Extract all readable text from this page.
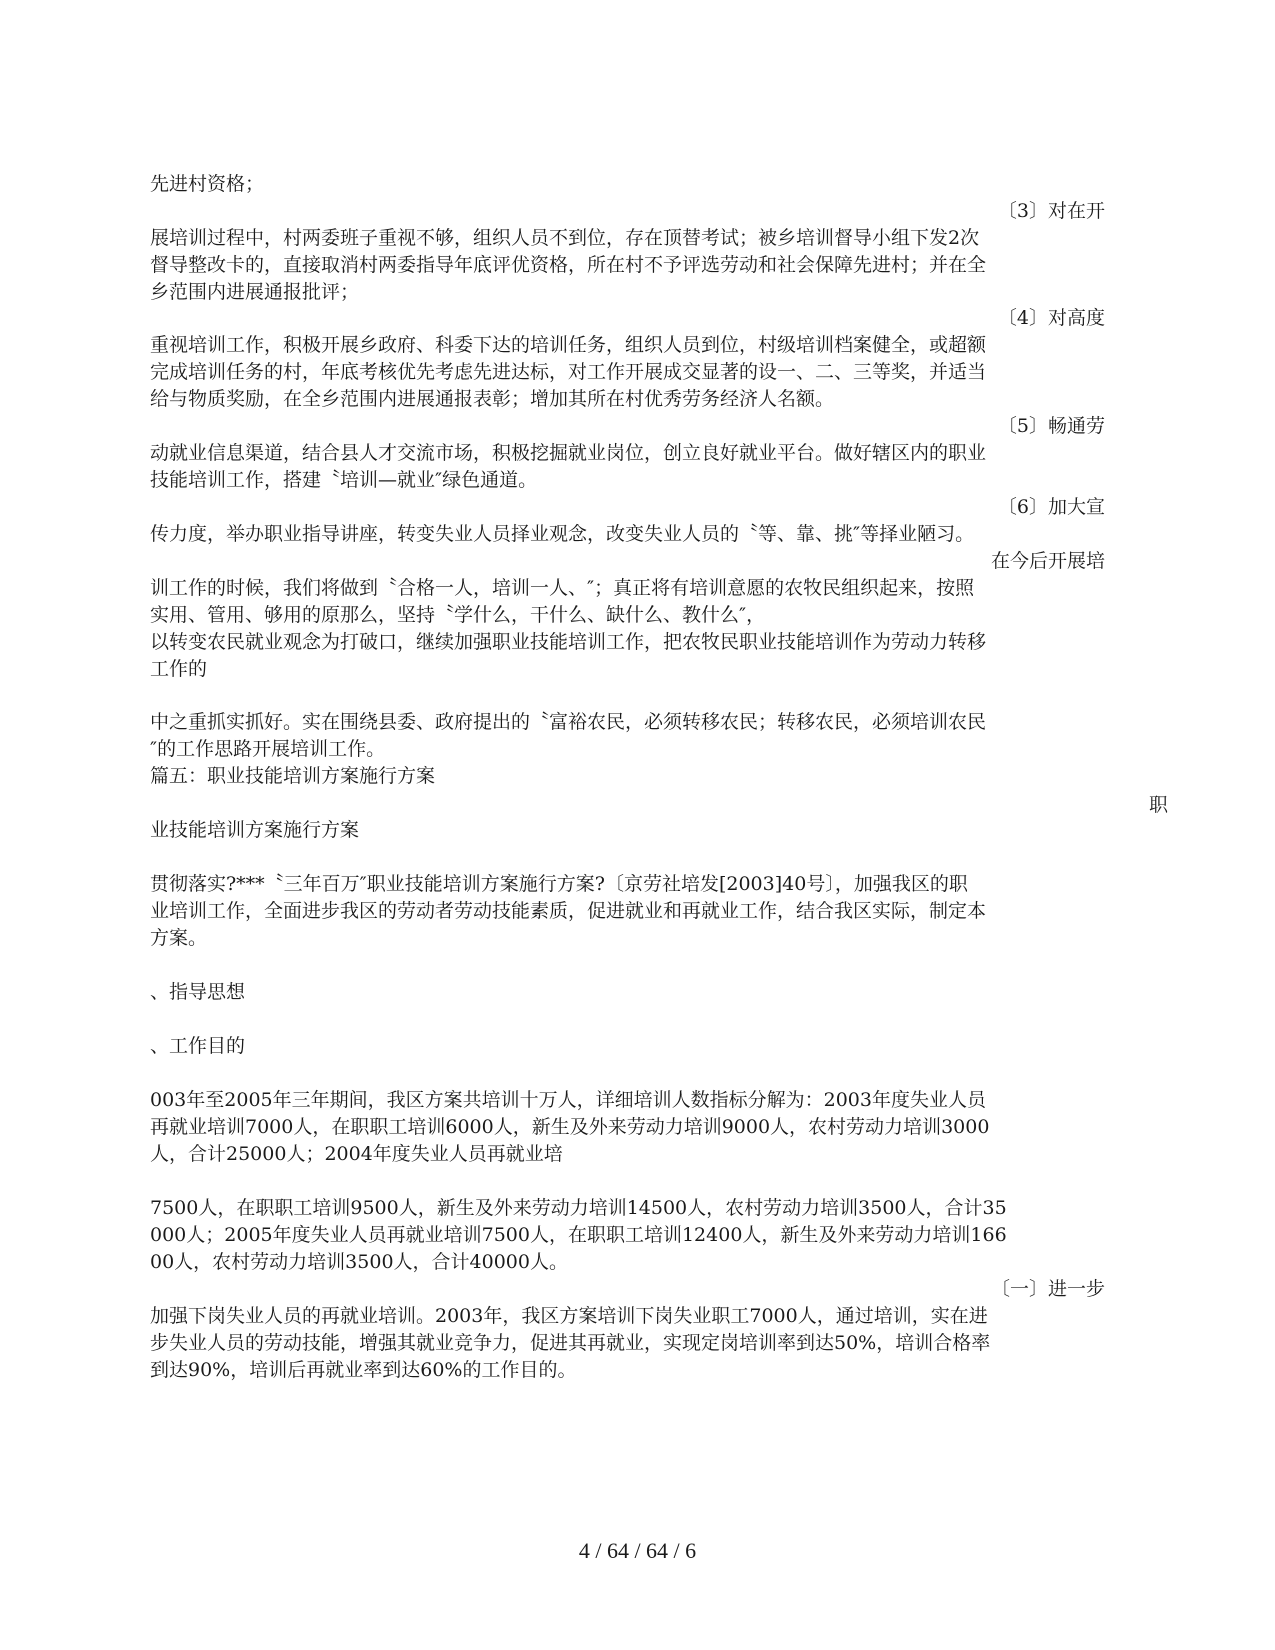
先进村资格；
〔3〕对在开
展培训过程中，村两委班子重视不够，组织人员不到位，存在顶替考试；被乡培训督导小组下发2次
督导整改卡的，直接取消村两委指导年底评优资格，所在村不予评选劳动和社会保障先进村；并在全
乡范围内进展通报批评；
〔4〕对高度
重视培训工作，积极开展乡政府、科委下达的培训任务，组织人员到位，村级培训档案健全，或超额
完成培训任务的村，年底考核优先考虑先进达标，对工作开展成交显著的设一、二、三等奖，并适当
给与物质奖励，在全乡范围内进展通报表彰；增加其所在村优秀劳务经济人名额。
〔5〕畅通劳
动就业信息渠道，结合县人才交流市场，积极挖掘就业岗位，创立良好就业平台。做好辖区内的职业
技能培训工作，搭建〝培训—就业″绿色通道。
〔6〕加大宣
传力度，举办职业指导讲座，转变失业人员择业观念，改变失业人员的〝等、靠、挑″等择业陋习。
在今后开展培
训工作的时候，我们将做到〝合格一人，培训一人、″；真正将有培训意愿的农牧民组织起来，按照
实用、管用、够用的原那么，坚持〝学什么，干什么、缺什么、教什么″，
以转变农民就业观念为打破口，继续加强职业技能培训工作，把农牧民职业技能培训作为劳动力转移
工作的
中之重抓实抓好。实在围绕县委、政府提出的〝富裕农民，必须转移农民；转移农民，必须培训农民
″的工作思路开展培训工作。
篇五：职业技能培训方案施行方案
职
业技能培训方案施行方案
贯彻落实?***〝三年百万″职业技能培训方案施行方案?〔京劳社培发[2003]40号〕，加强我区的职
业培训工作，全面进步我区的劳动者劳动技能素质，促进就业和再就业工作，结合我区实际，制定本
方案。
、指导思想
、工作目的
003年至2005年三年期间，我区方案共培训十万人，详细培训人数指标分解为：2003年度失业人员
再就业培训7000人，在职职工培训6000人，新生及外来劳动力培训9000人，农村劳动力培训3000
人，合计25000人；2004年度失业人员再就业培
7500人，在职职工培训9500人，新生及外来劳动力培训14500人，农村劳动力培训3500人，合计35
000人；2005年度失业人员再就业培训7500人，在职职工培训12400人，新生及外来劳动力培训166
00人，农村劳动力培训3500人，合计40000人。
〔一〕进一步
加强下岗失业人员的再就业培训。2003年，我区方案培训下岗失业职工7000人，通过培训，实在进
步失业人员的劳动技能，增强其就业竞争力，促进其再就业，实现定岗培训率到达50%，培训合格率
到达90%，培训后再就业率到达60%的工作目的。
4 / 64 / 64 / 6
